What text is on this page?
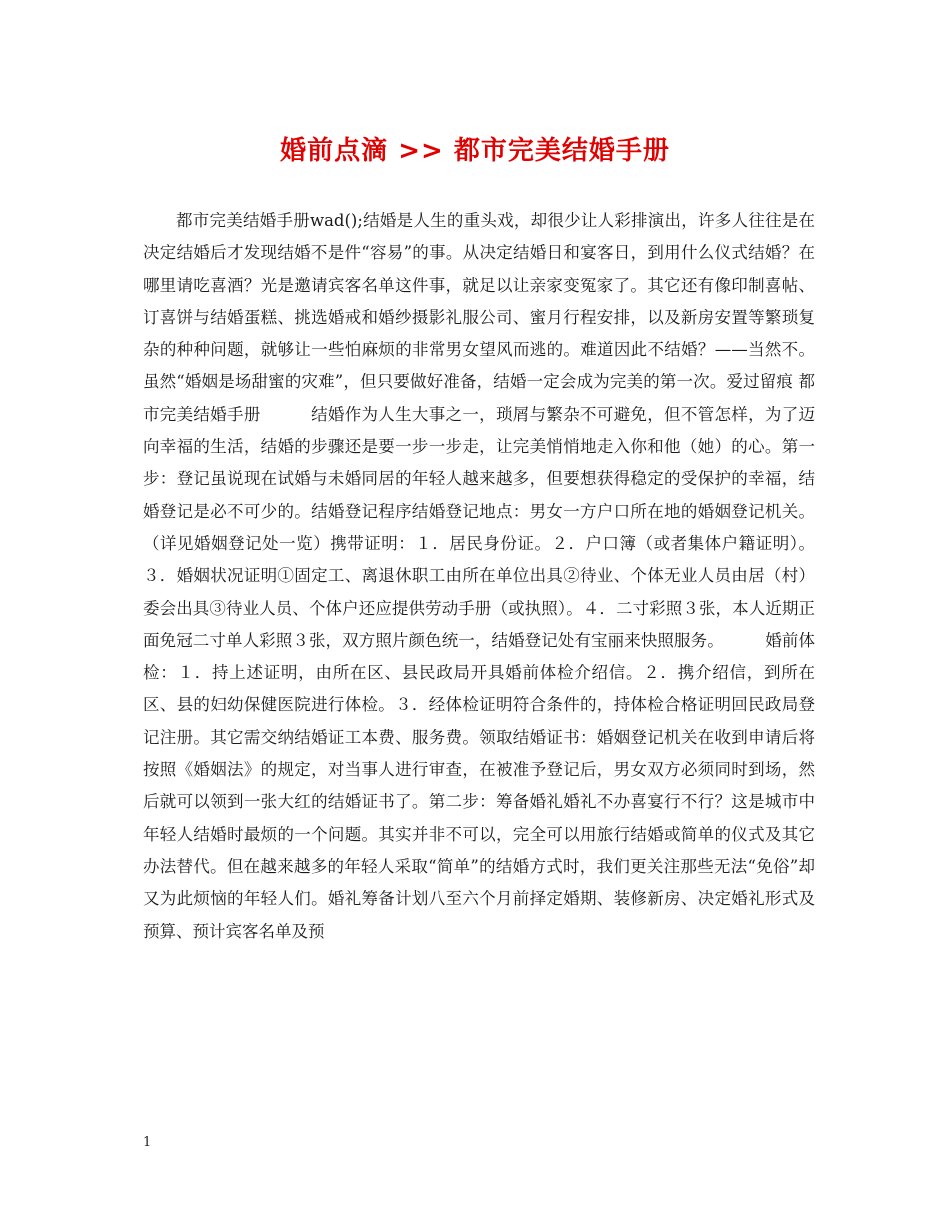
婚前点滴 >> 都市完美结婚手册

都市完美结婚手册wad();结婚是人生的重头戏，却很少让人彩排演出，许多人往往是在决定结婚后才发现结婚不是件“容易”的事。从决定结婚日和宴客日，到用什么仪式结婚？在哪里请吃喜酒？光是邀请宾客名单这件事，就足以让亲家变冤家了。其它还有像印制喜帖、订喜饼与结婚蛋糕、挑选婚戒和婚纱摄影礼服公司、蜜月行程安排，以及新房安置等繁琐复杂的种种问题，就够让一些怕麻烦的非常男女望风而逃的。难道因此不结婚？——当然不。虽然“婚姻是场甜蜜的灾难”，但只要做好准备，结婚一定会成为完美的第一次。爱过留痕 都市完美结婚手册　　　结婚作为人生大事之一，琐屑与繁杂不可避免，但不管怎样，为了迈向幸福的生活，结婚的步骤还是要一步一步走，让完美悄悄地走入你和他（她）的心。第一步：登记虽说现在试婚与未婚同居的年轻人越来越多，但要想获得稳定的受保护的幸福，结婚登记是必不可少的。结婚登记程序结婚登记地点：男女一方户口所在地的婚姻登记机关。（详见婚姻登记处一览）携带证明：１．居民身份证。２．户口簿（或者集体户籍证明）。３．婚姻状况证明①固定工、离退休职工由所在单位出具②待业、个体无业人员由居（村）委会出具③待业人员、个体户还应提供劳动手册（或执照）。４．二寸彩照３张，本人近期正面免冠二寸单人彩照３张，双方照片颜色统一，结婚登记处有宝丽来快照服务。　　　婚前体检：１．持上述证明，由所在区、县民政局开具婚前体检介绍信。２．携介绍信，到所在区、县的妇幼保健医院进行体检。３．经体检证明符合条件的，持体检合格证明回民政局登记注册。其它需交纳结婚证工本费、服务费。领取结婚证书：婚姻登记机关在收到申请后将按照《婚姻法》的规定，对当事人进行审查，在被准予登记后，男女双方必须同时到场，然后就可以领到一张大红的结婚证书了。第二步：筹备婚礼婚礼不办喜宴行不行？这是城市中年轻人结婚时最烦的一个问题。其实并非不可以，完全可以用旅行结婚或简单的仪式及其它办法替代。但在越来越多的年轻人采取“简单”的结婚方式时，我们更关注那些无法“免俗”却又为此烦恼的年轻人们。婚礼筹备计划八至六个月前择定婚期、装修新房、决定婚礼形式及预算、预计宾客名单及预

1
